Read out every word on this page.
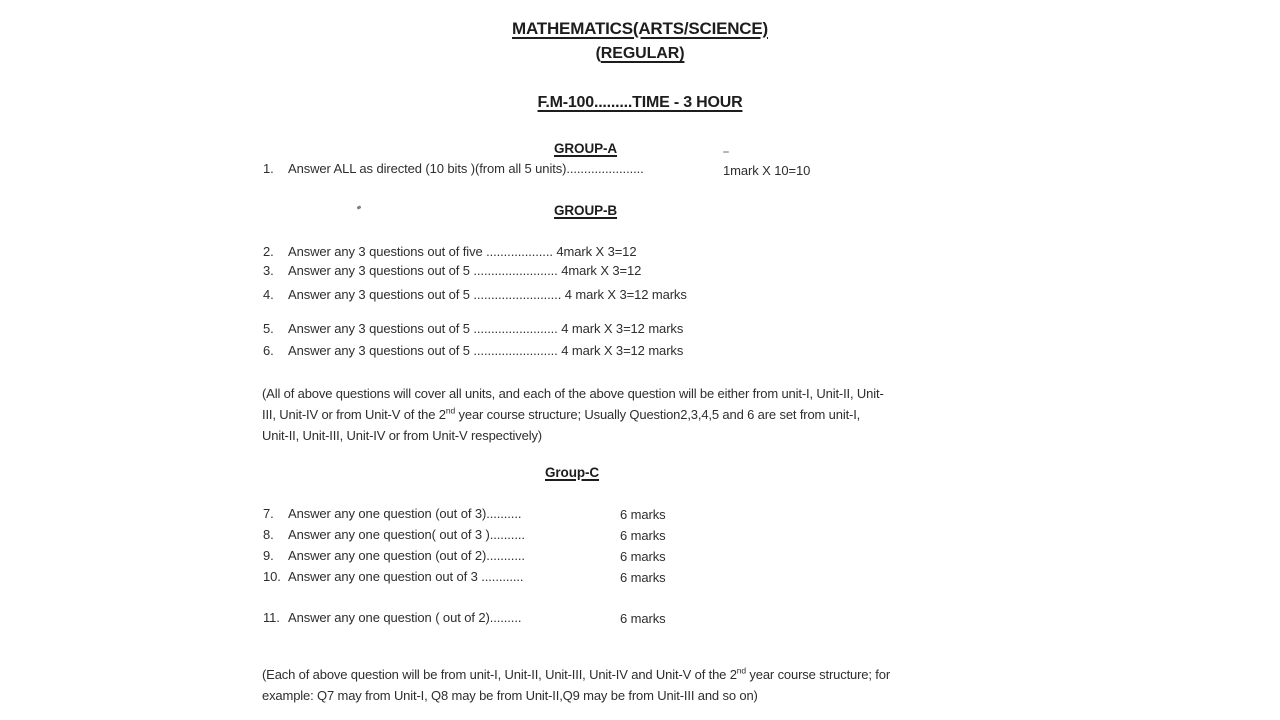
MATHEMATICS(ARTS/SCIENCE)
(REGULAR)
F.M-100.........TIME - 3 HOUR
GROUP-A
1.	Answer ALL as directed (10 bits )(from all 5 units)......................	1mark X 10=10
GROUP-B
2.	Answer any 3 questions out of five ................... 4mark X 3=12
3.	Answer any 3 questions out of 5 ........................ 4mark X 3=12
4.	Answer any 3 questions out of 5 ......................... 4 mark X 3=12 marks
5.	Answer any 3 questions out of 5 ........................ 4 mark X 3=12 marks
6.	Answer any 3 questions out of 5 ........................ 4 mark X 3=12 marks
(All of above questions will cover all units, and each of the above question will be either from unit-I, Unit-II, Unit-III, Unit-IV or from Unit-V of the 2nd year course structure; Usually Question2,3,4,5 and 6 are set from unit-I, Unit-II, Unit-III, Unit-IV or from Unit-V respectively)
Group-C
7.	Answer any one question (out of 3)..........	6 marks
8.	Answer any one question( out of 3 )..........	6 marks
9.	Answer any one question (out of 2)...........	6 marks
10. Answer any one question out of 3 ............	6 marks
11. Answer any one question ( out of 2).........	6 marks
(Each of above question will be from unit-I, Unit-II, Unit-III, Unit-IV and Unit-V of the 2nd year course structure; for example: Q7 may from Unit-I, Q8 may be from Unit-II,Q9 may be from Unit-III and so on)
